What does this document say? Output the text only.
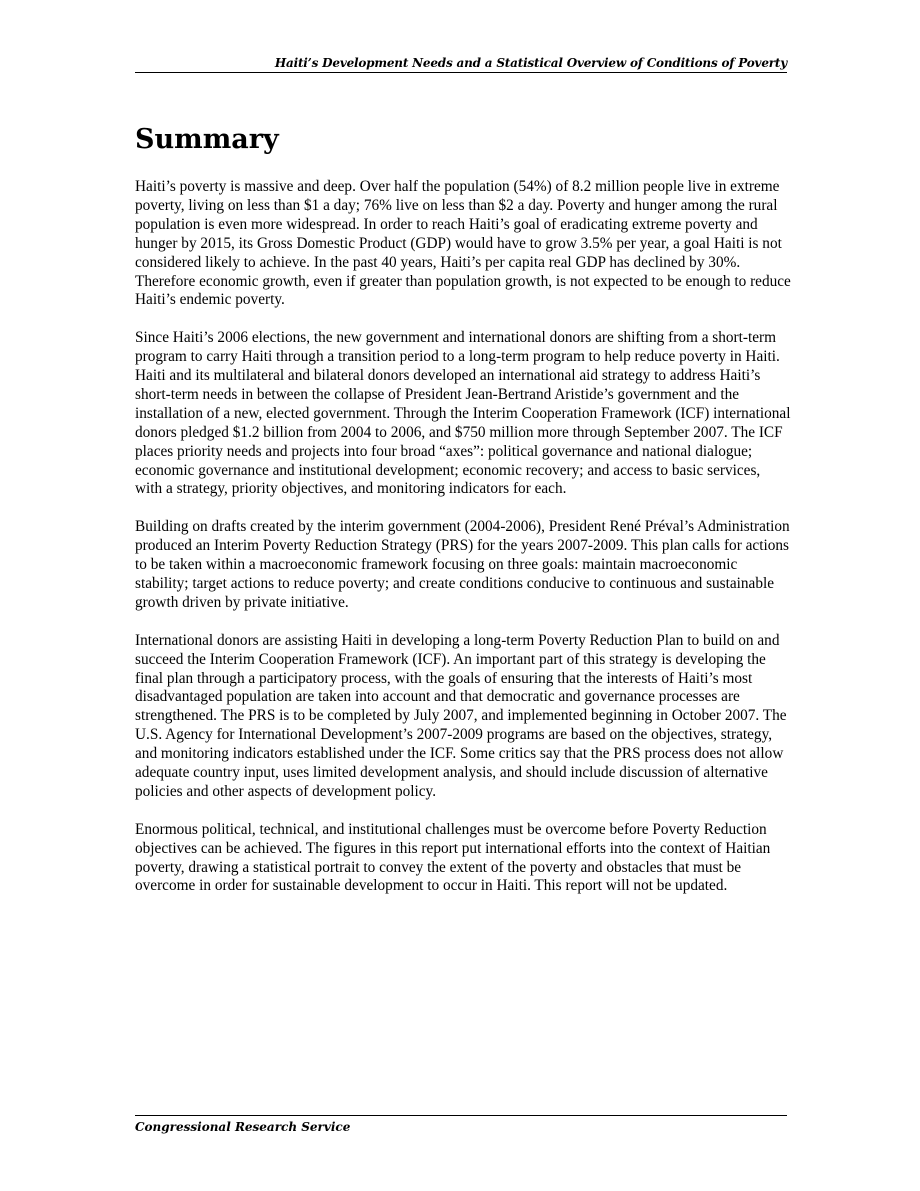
Haiti’s Development Needs and a Statistical Overview of Conditions of Poverty
Summary

Haiti’s poverty is massive and deep. Over half the population (54%) of 8.2 million people live in extreme poverty, living on less than $1 a day; 76% live on less than $2 a day. Poverty and hunger among the rural population is even more widespread. In order to reach Haiti’s goal of eradicating extreme poverty and hunger by 2015, its Gross Domestic Product (GDP) would have to grow 3.5% per year, a goal Haiti is not considered likely to achieve. In the past 40 years, Haiti’s per capita real GDP has declined by 30%. Therefore economic growth, even if greater than population growth, is not expected to be enough to reduce Haiti’s endemic poverty.

Since Haiti’s 2006 elections, the new government and international donors are shifting from a short-term program to carry Haiti through a transition period to a long-term program to help reduce poverty in Haiti. Haiti and its multilateral and bilateral donors developed an international aid strategy to address Haiti’s short-term needs in between the collapse of President Jean-Bertrand Aristide’s government and the installation of a new, elected government. Through the Interim Cooperation Framework (ICF) international donors pledged $1.2 billion from 2004 to 2006, and $750 million more through September 2007. The ICF places priority needs and projects into four broad “axes”: political governance and national dialogue; economic governance and institutional development; economic recovery; and access to basic services, with a strategy, priority objectives, and monitoring indicators for each.

Building on drafts created by the interim government (2004-2006), President René Préval’s Administration produced an Interim Poverty Reduction Strategy (PRS) for the years 2007-2009. This plan calls for actions to be taken within a macroeconomic framework focusing on three goals: maintain macroeconomic stability; target actions to reduce poverty; and create conditions conducive to continuous and sustainable growth driven by private initiative.

International donors are assisting Haiti in developing a long-term Poverty Reduction Plan to build on and succeed the Interim Cooperation Framework (ICF). An important part of this strategy is developing the final plan through a participatory process, with the goals of ensuring that the interests of Haiti’s most disadvantaged population are taken into account and that democratic and governance processes are strengthened. The PRS is to be completed by July 2007, and implemented beginning in October 2007. The U.S. Agency for International Development’s 2007-2009 programs are based on the objectives, strategy, and monitoring indicators established under the ICF. Some critics say that the PRS process does not allow adequate country input, uses limited development analysis, and should include discussion of alternative policies and other aspects of development policy.

Enormous political, technical, and institutional challenges must be overcome before Poverty Reduction objectives can be achieved. The figures in this report put international efforts into the context of Haitian poverty, drawing a statistical portrait to convey the extent of the poverty and obstacles that must be overcome in order for sustainable development to occur in Haiti. This report will not be updated.

Congressional Research Service
